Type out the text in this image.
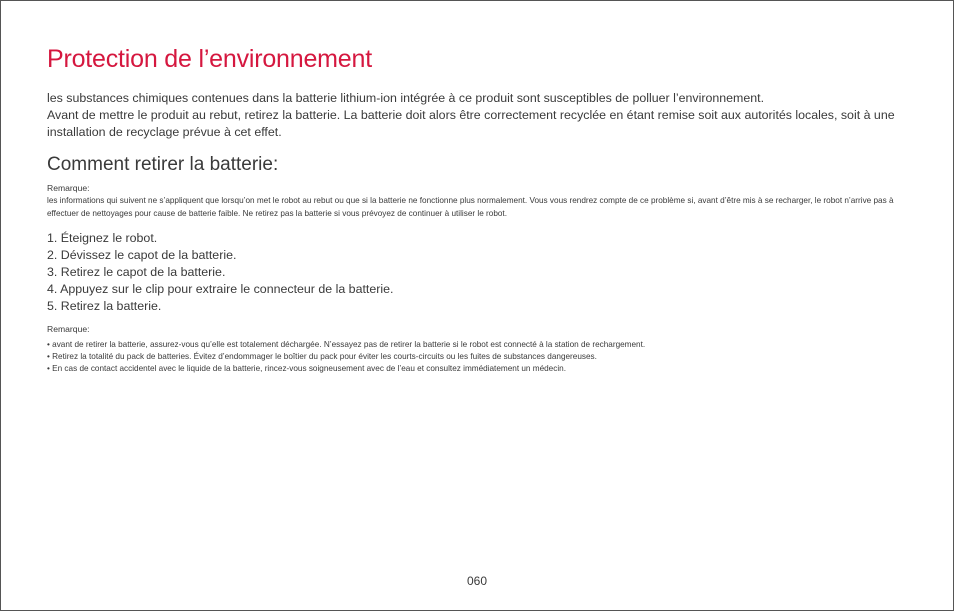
Protection de l’environnement

les substances chimiques contenues dans la batterie lithium-ion intégrée à ce produit sont susceptibles de polluer l’environnement.
Avant de mettre le produit au rebut, retirez la batterie. La batterie doit alors être correctement recyclée en étant remise soit aux autorités locales, soit à une installation de recyclage prévue à cet effet.

Comment retirer la batterie:

Remarque:

les informations qui suivent ne s’appliquent que lorsqu’on met le robot au rebut ou que si la batterie ne fonctionne plus normalement. Vous vous rendrez compte de ce problème si, avant d’être mis à se recharger, le robot n’arrive pas à effectuer de nettoyages pour cause de batterie faible. Ne retirez pas la batterie si vous prévoyez de continuer à utiliser le robot.

1. Éteignez le robot.
2. Dévissez le capot de la batterie.
3. Retirez le capot de la batterie.
4. Appuyez sur le clip pour extraire le connecteur de la batterie.
5. Retirez la batterie.

Remarque:

• avant de retirer la batterie, assurez-vous qu’elle est totalement déchargée. N’essayez pas de retirer la batterie si le robot est connecté à la station de rechargement.
• Retirez la totalité du pack de batteries. Évitez d’endommager le boîtier du pack pour éviter les courts-circuits ou les fuites de substances dangereuses.
• En cas de contact accidentel avec le liquide de la batterie, rincez-vous soigneusement avec de l’eau et consultez immédiatement un médecin.
060
